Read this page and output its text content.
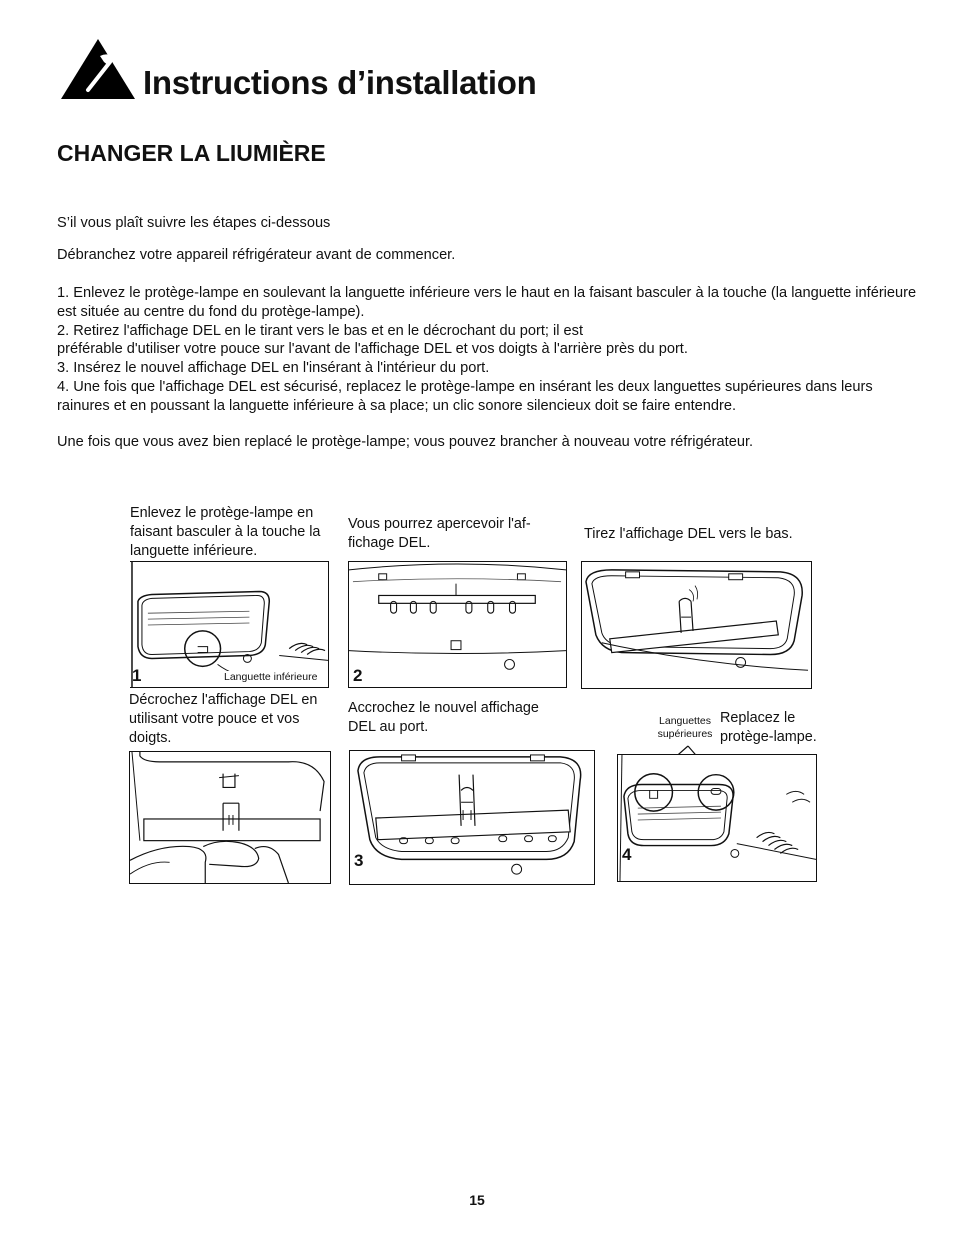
Instructions d’installation
CHANGER LA LIUMIÈRE

S’il vous plaît suivre les étapes ci-dessous

Débranchez votre appareil réfrigérateur avant de commencer.

1. Enlevez le protège-lampe en soulevant la languette inférieure vers le haut en la faisant basculer à la touche (la languette inférieure est située au centre du fond du protège-lampe).
2. Retirez l'affichage DEL en le tirant vers le bas et en le décrochant du port; il est
préférable d'utiliser votre pouce sur l'avant de l'affichage DEL et vos doigts à l'arrière près du port.
3. Insérez le nouvel affichage DEL en l'insérant à l'intérieur du port.
4. Une fois que l'affichage DEL est sécurisé, replacez le protège-lampe en insérant les deux languettes supérieures dans leurs rainures et en poussant la languette inférieure à sa place; un clic sonore silencieux doit se faire entendre.

Une fois que vous avez bien replacé le protège-lampe; vous pouvez brancher à nouveau votre réfrigérateur.

Enlevez le protège-lampe en faisant basculer à la touche la languette inférieure.
1	Languette inférieure
Vous pourrez apercevoir l'af-fichage DEL.
2
Tirez l'affichage DEL vers le bas.
Décrochez l'affichage DEL en utilisant votre pouce et vos doigts.
Accrochez le nouvel affichage DEL au port.
3
Languettes supérieures
Replacez le protège-lampe.
4
15
